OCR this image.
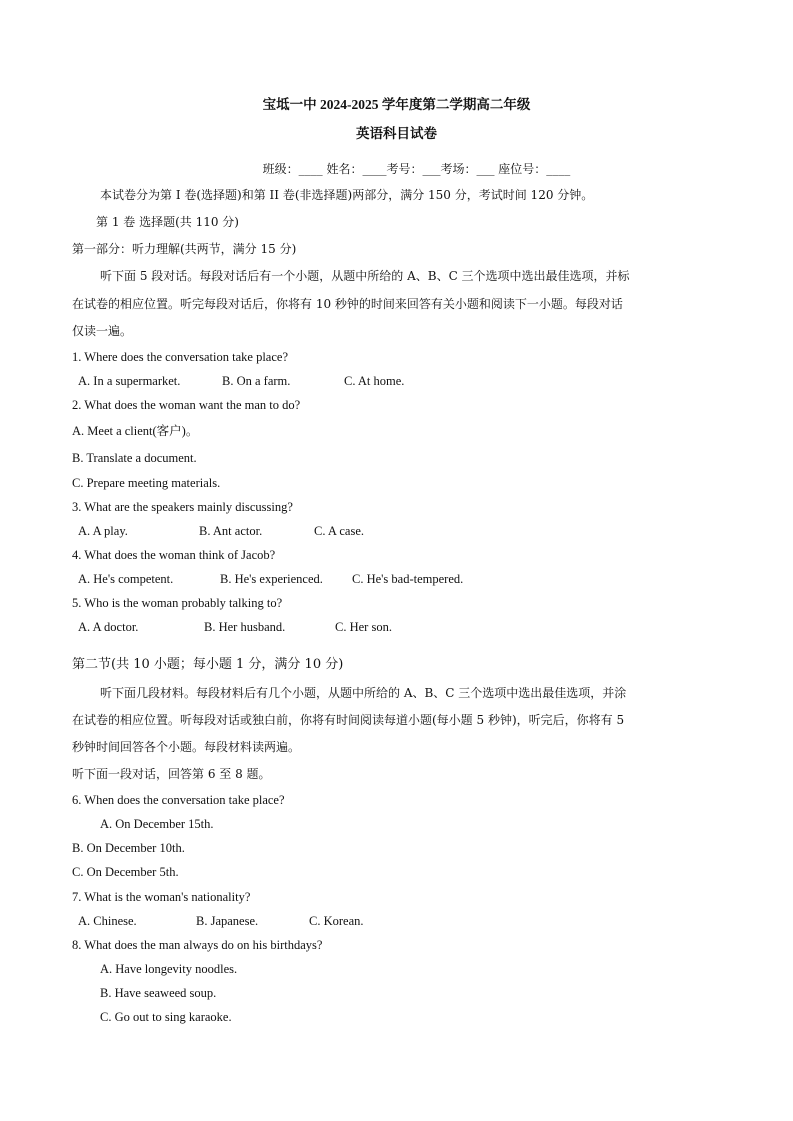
宝坻一中 2024-2025 学年度第二学期高二年级
英语科目试卷
班级：____ 姓名：____考号：___考场：___ 座位号：____
本试卷分为第 I 卷(选择题)和第 II 卷(非选择题)两部分，满分 150 分，考试时间 120 分钟。
第 1 卷 选择题(共 110 分)
第一部分：听力理解(共两节，满分 15 分)
听下面 5 段对话。每段对话后有一个小题，从题中所给的 A、B、C 三个选项中选出最佳选项，并标
在试卷的相应位置。听完每段对话后，你将有 10 秒钟的时间来回答有关小题和阅读下一小题。每段对话
仅读一遍。
1. Where does the conversation take place?
A. In a supermarket.	B. On a farm.	C. At home.
2. What does the woman want the man to do?
A. Meet a client(客户)。
B. Translate a document.
C. Prepare meeting materials.
3. What are the speakers mainly discussing?
A. A play.	B. Ant actor.	C. A case.
4. What does the woman think of Jacob?
A. He's competent.	B. He's experienced. C. He's bad-tempered.
5. Who is the woman probably talking to?
A. A doctor.	B. Her husband.	C. Her son.
第二节(共 10 小题；每小题 1 分，满分 10 分)
听下面几段材料。每段材料后有几个小题，从题中所给的 A、B、C 三个选项中选出最佳选项，并涂
在试卷的相应位置。听每段对话或独白前，你将有时间阅读每道小题(每小题 5 秒钟)，听完后，你将有 5
秒钟时间回答各个小题。每段材料读两遍。
听下面一段对话，回答第 6 至 8 题。
6. When does the conversation take place?
A. On December 15th.
B. On December 10th.
C. On December 5th.
7. What is the woman's nationality?
A. Chinese.	B. Japanese.	C. Korean.
8. What does the man always do on his birthdays?
A. Have longevity noodles.
B. Have seaweed soup.
C. Go out to sing karaoke.
